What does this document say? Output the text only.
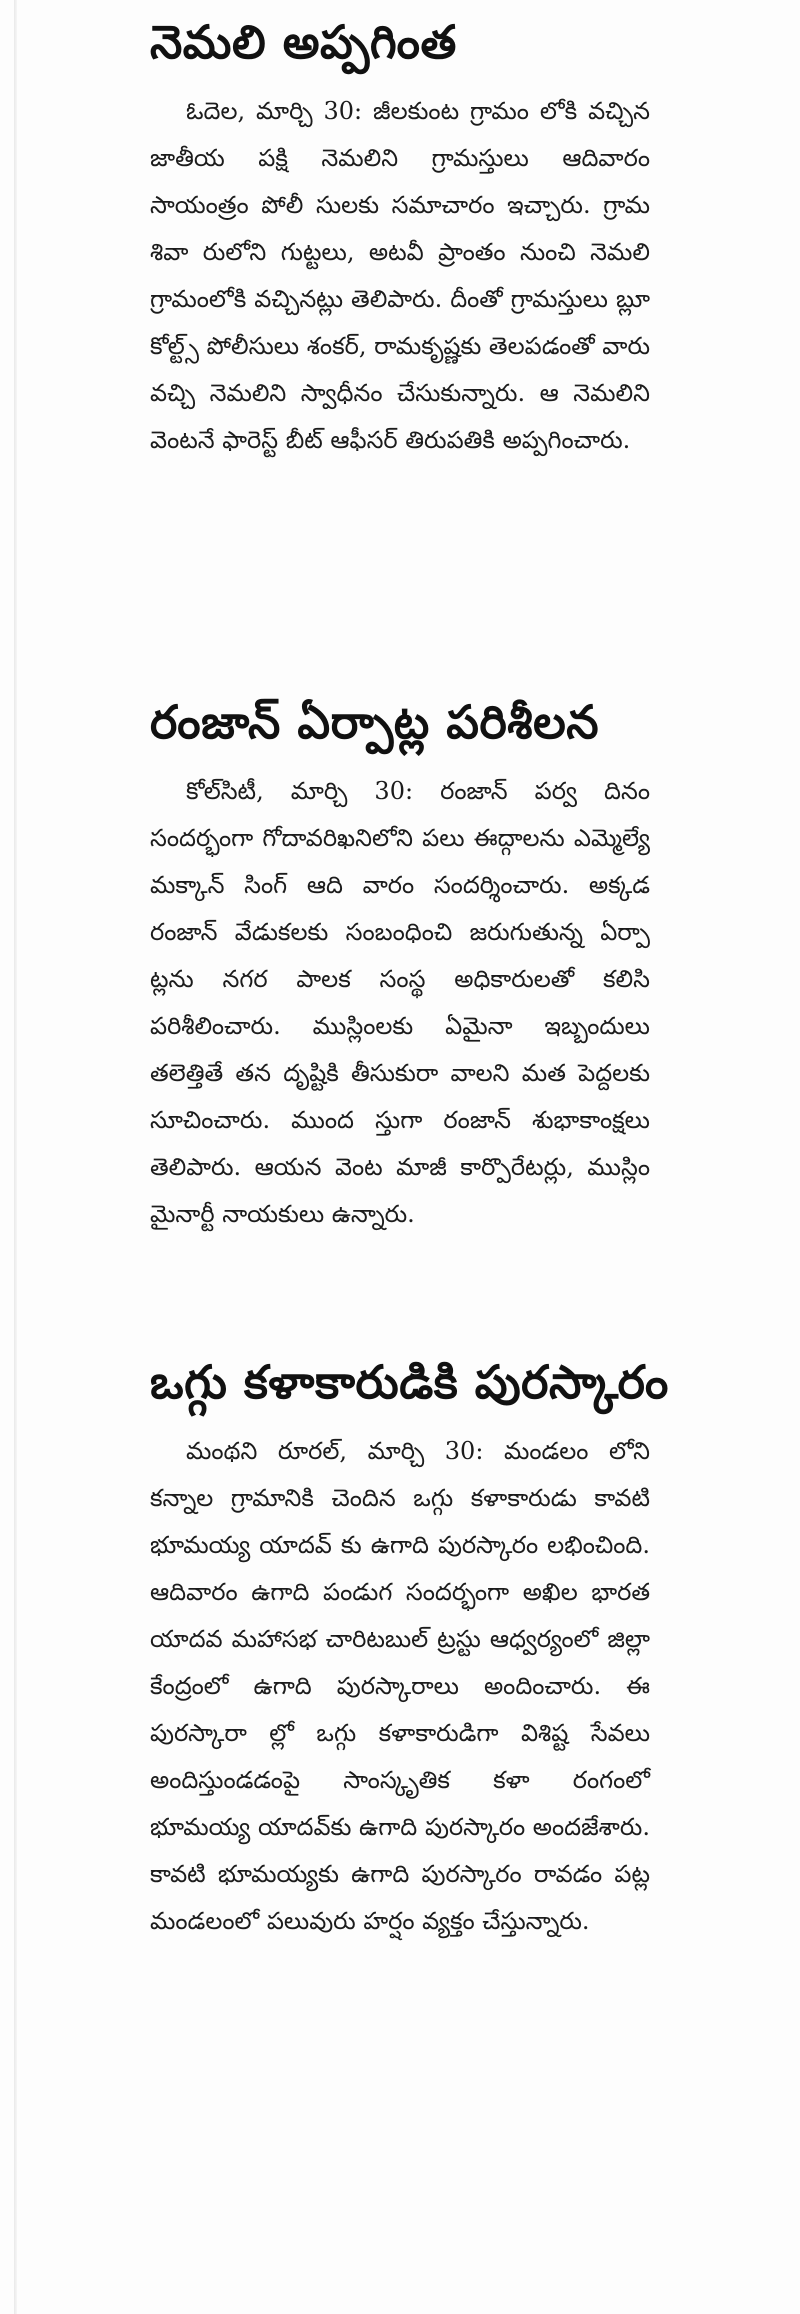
నెమలి అప్పగింత

ఓదెల, మార్చి 30: జీలకుంట గ్రామం లోకి వచ్చిన జాతీయ పక్షి నెమలిని గ్రామస్తులు ఆదివారం సాయంత్రం పోలీ సులకు సమాచారం ఇచ్చారు. గ్రామ శివా రులోని గుట్టలు, అటవీ ప్రాంతం నుంచి నెమలి గ్రామంలోకి వచ్చినట్లు తెలిపారు. దీంతో గ్రామస్తులు బ్లూ కోల్ట్స్ పోలీసులు శంకర్, రామకృష్ణకు తెలపడంతో వారు వచ్చి నెమలిని స్వాధీనం చేసుకున్నారు. ఆ నెమలిని వెంటనే ఫారెస్ట్ బీట్ ఆఫీసర్ తిరుపతికి అప్పగించారు.

రంజాన్ ఏర్పాట్ల పరిశీలన

కోల్‌సిటీ, మార్చి 30: రంజాన్ పర్వ దినం సందర్భంగా గోదావరిఖనిలోని పలు ఈద్గాలను ఎమ్మెల్యే మక్కాన్ సింగ్ ఆది వారం సందర్శించారు. అక్కడ రంజాన్ వేడుకలకు సంబంధించి జరుగుతున్న ఏర్పా ట్లను నగర పాలక సంస్థ అధికారులతో కలిసి పరిశీలించారు. ముస్లింలకు ఏమైనా ఇబ్బందులు తలెత్తితే తన దృష్టికి తీసుకురా వాలని మత పెద్దలకు సూచించారు. ముంద స్తుగా రంజాన్ శుభాకాంక్షలు తెలిపారు. ఆయన వెంట మాజీ కార్పొరేటర్లు, ముస్లిం మైనార్టీ నాయకులు ఉన్నారు.

ఒగ్గు కళాకారుడికి పురస్కారం

మంథని రూరల్, మార్చి 30: మండలం లోని కన్నాల గ్రామానికి చెందిన ఒగ్గు కళాకారుడు కావటి భూమయ్య యాదవ్ కు ఉగాది పురస్కారం లభించింది. ఆదివారం ఉగాది పండుగ సందర్భంగా అఖిల భారత యాదవ మహాసభ చారిటబుల్ ట్రస్టు ఆధ్వర్యంలో జిల్లా కేంద్రంలో ఉగాది పురస్కారాలు అందించారు. ఈ పురస్కారా ల్లో ఒగ్గు కళాకారుడిగా విశిష్ట సేవలు అందిస్తుండడంపై సాంస్కృతిక కళా రంగంలో భూమయ్య యాదవ్‌కు ఉగాది పురస్కారం అందజేశారు. కావటి భూమయ్యకు ఉగాది పురస్కారం రావడం పట్ల మండలంలో పలువురు హర్షం వ్యక్తం చేస్తున్నారు.
